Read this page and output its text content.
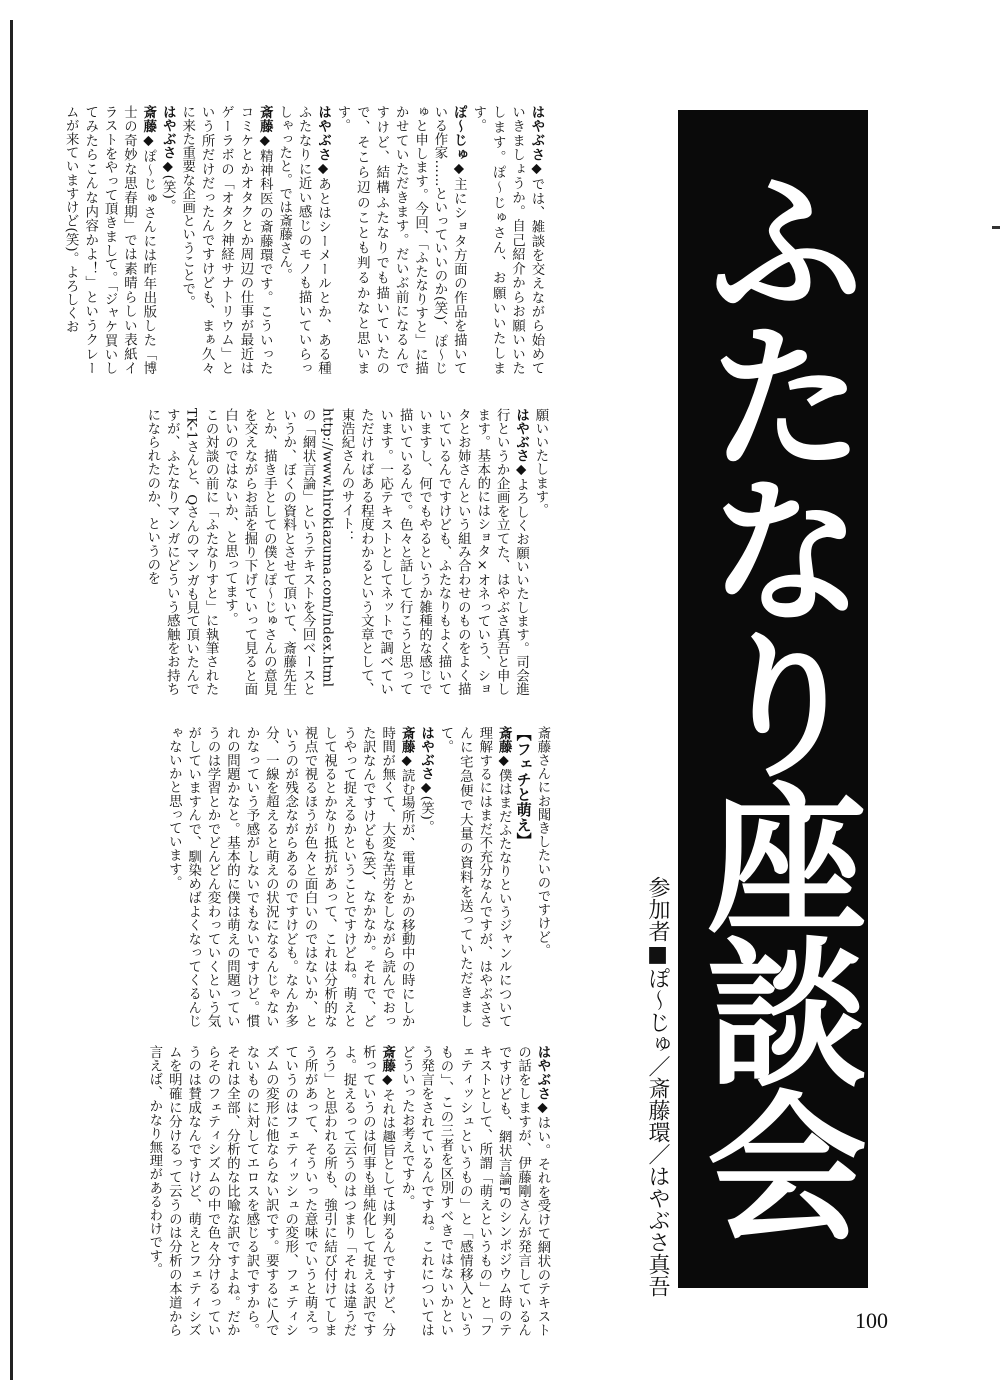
ふたなり座談会
参加者■ぽ〜じゅ／斎藤環／はやぶさ真吾

はやぶさ◆では、雑談を交えながら始めていきましょうか。自己紹介からお願いいたします。ぽ〜じゅさん、お願いいたします。

ぽ〜じゅ◆主にショタ方面の作品を描いている作家……といっていいのか(笑)、ぽ〜じゅと申します。今回、「ふたなりすと」に描かせていただきます。だいぶ前になるんですけど、結構ふたなりでも描いていたので、そこら辺のことも判るかなと思います。

はやぶさ◆あとはシーメールとか、ある種ふたなりに近い感じのモノも描いていらっしゃったと。では斎藤さん。

斎藤◆精神科医の斎藤環です。こういったコミケとかオタクとか周辺の仕事が最近はゲーラボの「オタク神経サナトリウム」という所だけだったんですけども、まぁ久々に来た重要な企画ということで。

はやぶさ◆(笑)。

斎藤◆ぽ〜じゅさんには昨年出版した「博士の奇妙な思春期」では素晴らしい表紙イラストをやって頂きまして。「ジャケ買いしてみたらこんな内容かよ！」というクレームが来ていますけど(笑)。よろしくお

願いいたします。

はやぶさ◆よろしくお願いいたします。司会進行というか企画を立てた、はやぶさ真吾と申します。基本的にはショタ×オネっていう、ショタとお姉さんという組み合わせのものをよく描いているんですけども、ふたなりもよく描いていますし、何でもやるというか雑種的な感じで描いているんで。色々と話して行こうと思っています。一応テキストとしてネットで調べていただければある程度わかるという文章として、東浩紀さんのサイト：

http://www.hirokiazuma.com/index.html の「網状言論」というテキストを今回ベースというか、ぼくの資料とさせて頂いて、斎藤先生とか、描き手としての僕とぽ〜じゅさんの意見を交えながらお話を掘り下げていって見ると面白いのではないか、と思ってます。

この対談の前に「ふたなりすと」に執筆されたTK-1さんと、Qさんのマンガも見て頂いたんですが、ふたなりマンガにどういう感触をお持ちになられたのか、というのを

斎藤さんにお聞きしたいのですけど。

【フェチと萌え】

斎藤◆僕はまだふたなりというジャンルについて理解するにはまだ不充分なんですが、はやぶささんに宅急便で大量の資料を送っていただきまして。

はやぶさ◆(笑)。

斎藤◆読む場所が、電車とかの移動中の時にしか時間が無くて、大変な苦労をしながら読んでおった訳なんですけども(笑)、なかなか。それで、どうやって捉えるかということですけどね。萌えとして視るとかなり抵抗があって、これは分析的な視点で視るほうが色々と面白いのではないか、というのが残念ながらあるのですけども。なんか多分、一線を超えると萌えの状況になるんじゃないかなっていう予感がしないでもないですけど。慣れの問題かなと。基本的に僕は萌えの問題っていうのは学習とかでどんどん変わっていくという気がしていますんで、馴染めばよくなってくるんじゃないかと思っています。

はやぶさ◆はい。それを受けて網状のテキストの話をしますが、伊藤剛さんが発言しているんですけども、網状言論Fのシンポジウム時のテキストとして、所謂「萌えというもの」と「フェティッシュというもの」と「感情移入というもの」、この三者を区別すべきではないかという発言をされているんですね。これについてはどういったお考えですか。

斎藤◆それは趣旨としては判るんですけど、分析っていうのは何事も単純化して捉える訳ですよ。捉えるって云うのはつまり「それは違うだろう」と思われる所も、強引に結び付けてしまう所があって、そういった意味でいうと萌えっていうのはフェティッシュの変形、フェティシズムの変形に他ならない訳です。要するに人でないものに対してエロスを感じる訳ですから。それは全部、分析的な比喩な訳ですよね。だからそのフェティシズムの中で色々分けるっていうのは賛成なんですけど、萌えとフェティシズムを明確に分けるって云うのは分析の本道から言えば、かなり無理があるわけです。

100
